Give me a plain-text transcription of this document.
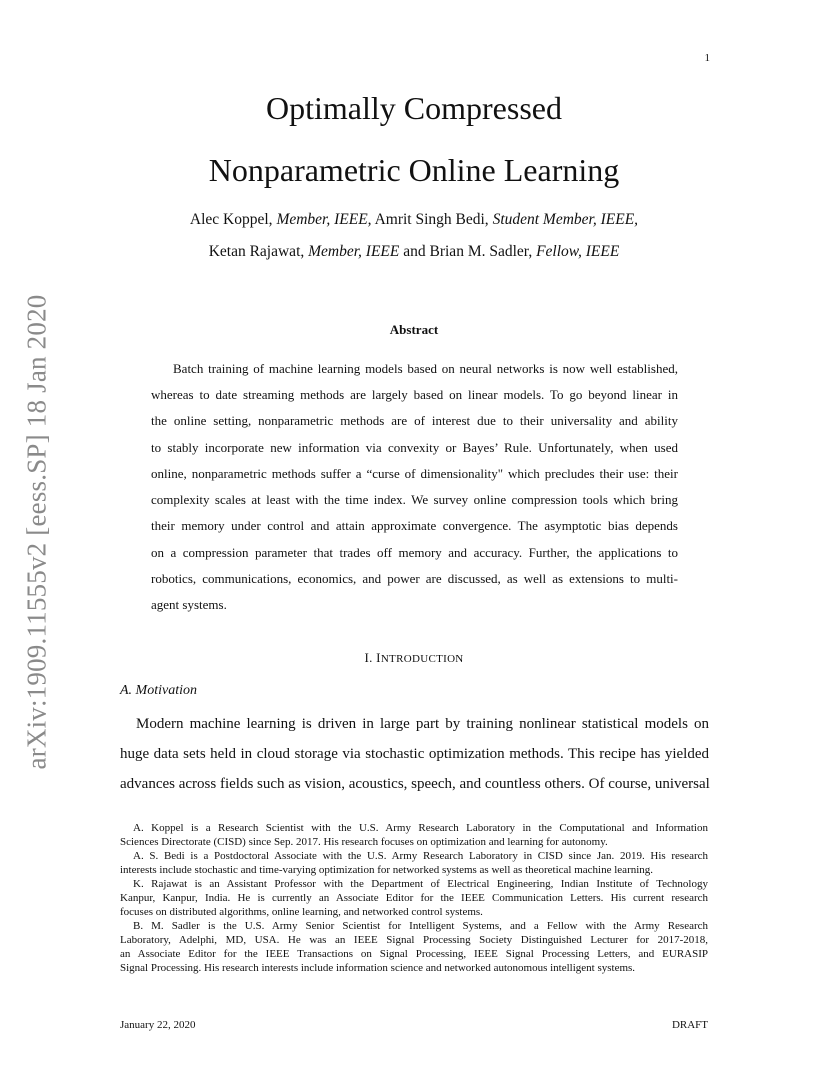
1
arXiv:1909.11555v2 [eess.SP] 18 Jan 2020
Optimally Compressed
Nonparametric Online Learning
Alec Koppel, Member, IEEE, Amrit Singh Bedi, Student Member, IEEE,
Ketan Rajawat, Member, IEEE and Brian M. Sadler, Fellow, IEEE
Abstract
Batch training of machine learning models based on neural networks is now well established,
whereas to date streaming methods are largely based on linear models. To go beyond linear in
the online setting, nonparametric methods are of interest due to their universality and ability
to stably incorporate new information via convexity or Bayes’ Rule. Unfortunately, when used
online, nonparametric methods suffer a “curse of dimensionality" which precludes their use: their
complexity scales at least with the time index. We survey online compression tools which bring
their memory under control and attain approximate convergence. The asymptotic bias depends
on a compression parameter that trades off memory and accuracy. Further, the applications to
robotics, communications, economics, and power are discussed, as well as extensions to multi-
agent systems.
I. INTRODUCTION
A. Motivation
Modern machine learning is driven in large part by training nonlinear statistical models on
huge data sets held in cloud storage via stochastic optimization methods. This recipe has yielded
advances across fields such as vision, acoustics, speech, and countless others. Of course, universal
A. Koppel is a Research Scientist with the U.S. Army Research Laboratory in the Computational and Information
Sciences Directorate (CISD) since Sep. 2017. His research focuses on optimization and learning for autonomy.
A. S. Bedi is a Postdoctoral Associate with the U.S. Army Research Laboratory in CISD since Jan. 2019. His research
interests include stochastic and time-varying optimization for networked systems as well as theoretical machine learning.
K. Rajawat is an Assistant Professor with the Department of Electrical Engineering, Indian Institute of Technology
Kanpur, Kanpur, India. He is currently an Associate Editor for the IEEE Communication Letters. His current research
focuses on distributed algorithms, online learning, and networked control systems.
B. M. Sadler is the U.S. Army Senior Scientist for Intelligent Systems, and a Fellow with the Army Research
Laboratory, Adelphi, MD, USA. He was an IEEE Signal Processing Society Distinguished Lecturer for 2017-2018,
an Associate Editor for the IEEE Transactions on Signal Processing, IEEE Signal Processing Letters, and EURASIP
Signal Processing. His research interests include information science and networked autonomous intelligent systems.
January 22, 2020	DRAFT
